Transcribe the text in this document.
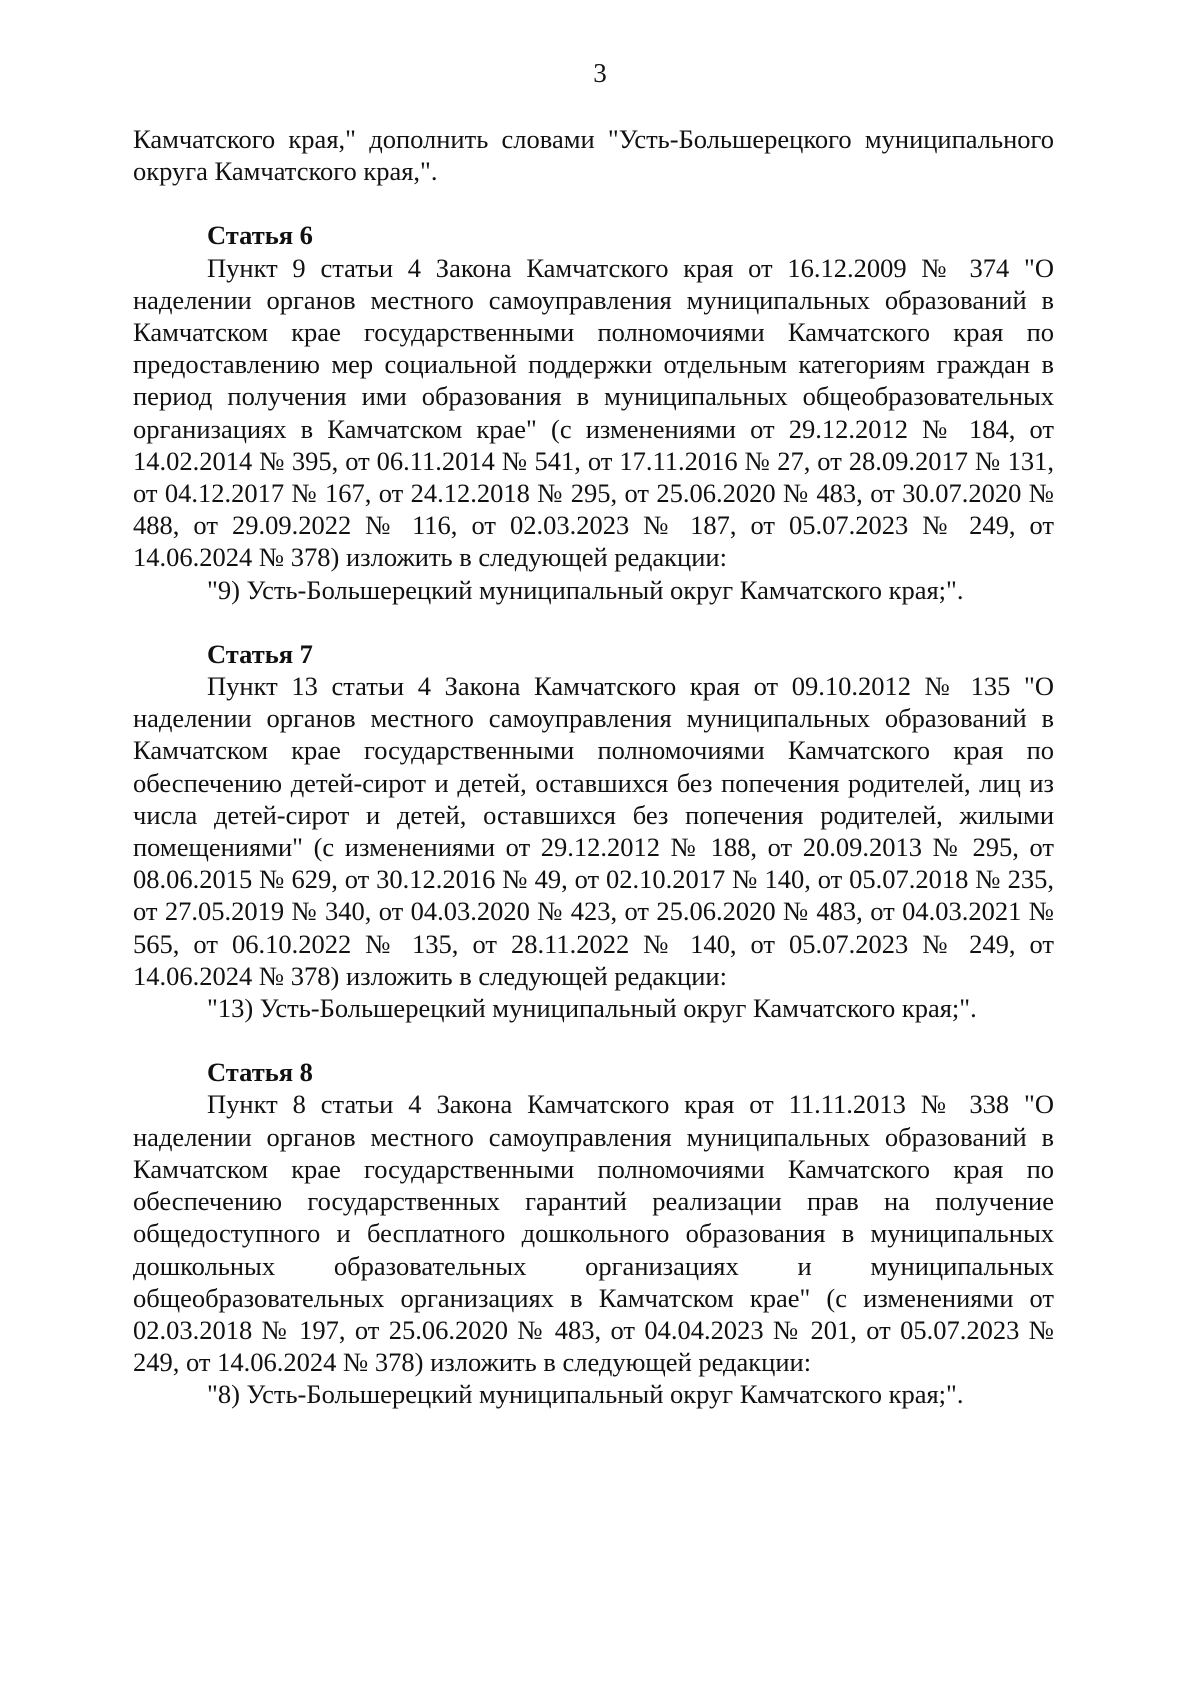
3

Камчатского края," дополнить словами "Усть-Большерецкого муниципального округа Камчатского края,".

Статья 6

Пункт 9 статьи 4 Закона Камчатского края от 16.12.2009 № 374 "О наделении органов местного самоуправления муниципальных образований в Камчатском крае государственными полномочиями Камчатского края по предоставлению мер социальной поддержки отдельным категориям граждан в период получения ими образования в муниципальных общеобразовательных организациях в Камчатском крае" (с изменениями от 29.12.2012 № 184, от 14.02.2014 № 395, от 06.11.2014 № 541, от 17.11.2016 № 27, от 28.09.2017 № 131, от 04.12.2017 № 167, от 24.12.2018 № 295, от 25.06.2020 № 483, от 30.07.2020 № 488, от 29.09.2022 № 116, от 02.03.2023 № 187, от 05.07.2023 № 249, от 14.06.2024 № 378) изложить в следующей редакции:

"9) Усть-Большерецкий муниципальный округ Камчатского края;".

Статья 7

Пункт 13 статьи 4 Закона Камчатского края от 09.10.2012 № 135 "О наделении органов местного самоуправления муниципальных образований в Камчатском крае государственными полномочиями Камчатского края по обеспечению детей-сирот и детей, оставшихся без попечения родителей, лиц из числа детей-сирот и детей, оставшихся без попечения родителей, жилыми помещениями" (с изменениями от 29.12.2012 № 188, от 20.09.2013 № 295, от 08.06.2015 № 629, от 30.12.2016 № 49, от 02.10.2017 № 140, от 05.07.2018 № 235, от 27.05.2019 № 340, от 04.03.2020 № 423, от 25.06.2020 № 483, от 04.03.2021 № 565, от 06.10.2022 № 135, от 28.11.2022 № 140, от 05.07.2023 № 249, от 14.06.2024 № 378) изложить в следующей редакции:

"13) Усть-Большерецкий муниципальный округ Камчатского края;".

Статья 8

Пункт 8 статьи 4 Закона Камчатского края от 11.11.2013 № 338 "О наделении органов местного самоуправления муниципальных образований в Камчатском крае государственными полномочиями Камчатского края по обеспечению государственных гарантий реализации прав на получение общедоступного и бесплатного дошкольного образования в муниципальных дошкольных образовательных организациях и муниципальных общеобразовательных организациях в Камчатском крае" (с изменениями от 02.03.2018 № 197, от 25.06.2020 № 483, от 04.04.2023 № 201, от 05.07.2023 № 249, от 14.06.2024 № 378) изложить в следующей редакции:

"8) Усть-Большерецкий муниципальный округ Камчатского края;".
